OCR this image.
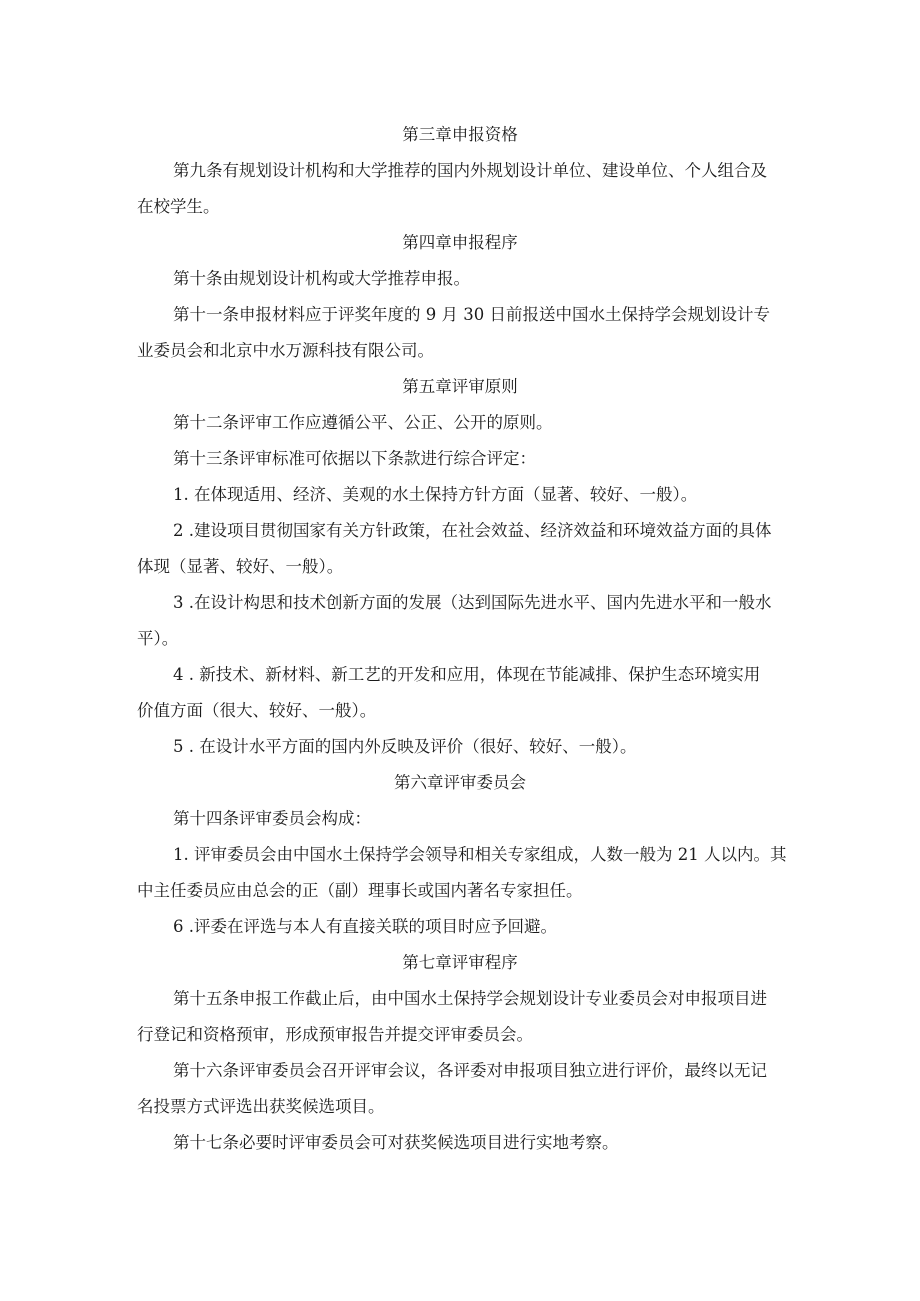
第三章申报资格

第九条有规划设计机构和大学推荐的国内外规划设计单位、建设单位、个人组合及

在校学生。

第四章申报程序

第十条由规划设计机构或大学推荐申报。

第十一条申报材料应于评奖年度的 9 月 30 日前报送中国水土保持学会规划设计专

业委员会和北京中水万源科技有限公司。

第五章评审原则

第十二条评审工作应遵循公平、公正、公开的原则。

第十三条评审标准可依据以下条款进行综合评定：

1. 在体现适用、经济、美观的水土保持方针方面（显著、较好、一般）。

2 .建设项目贯彻国家有关方针政策，在社会效益、经济效益和环境效益方面的具体

体现（显著、较好、一般）。

3 .在设计构思和技术创新方面的发展（达到国际先进水平、国内先进水平和一般水

平）。

4 . 新技术、新材料、新工艺的开发和应用，体现在节能减排、保护生态环境实用

价值方面（很大、较好、一般）。

5 . 在设计水平方面的国内外反映及评价（很好、较好、一般）。

第六章评审委员会

第十四条评审委员会构成：

1. 评审委员会由中国水土保持学会领导和相关专家组成，人数一般为 21 人以内。其

中主任委员应由总会的正（副）理事长或国内著名专家担任。

6 .评委在评选与本人有直接关联的项目时应予回避。

第七章评审程序

第十五条申报工作截止后，由中国水土保持学会规划设计专业委员会对申报项目进

行登记和资格预审，形成预审报告并提交评审委员会。

第十六条评审委员会召开评审会议，各评委对申报项目独立进行评价，最终以无记

名投票方式评选出获奖候选项目。

第十七条必要时评审委员会可对获奖候选项目进行实地考察。
